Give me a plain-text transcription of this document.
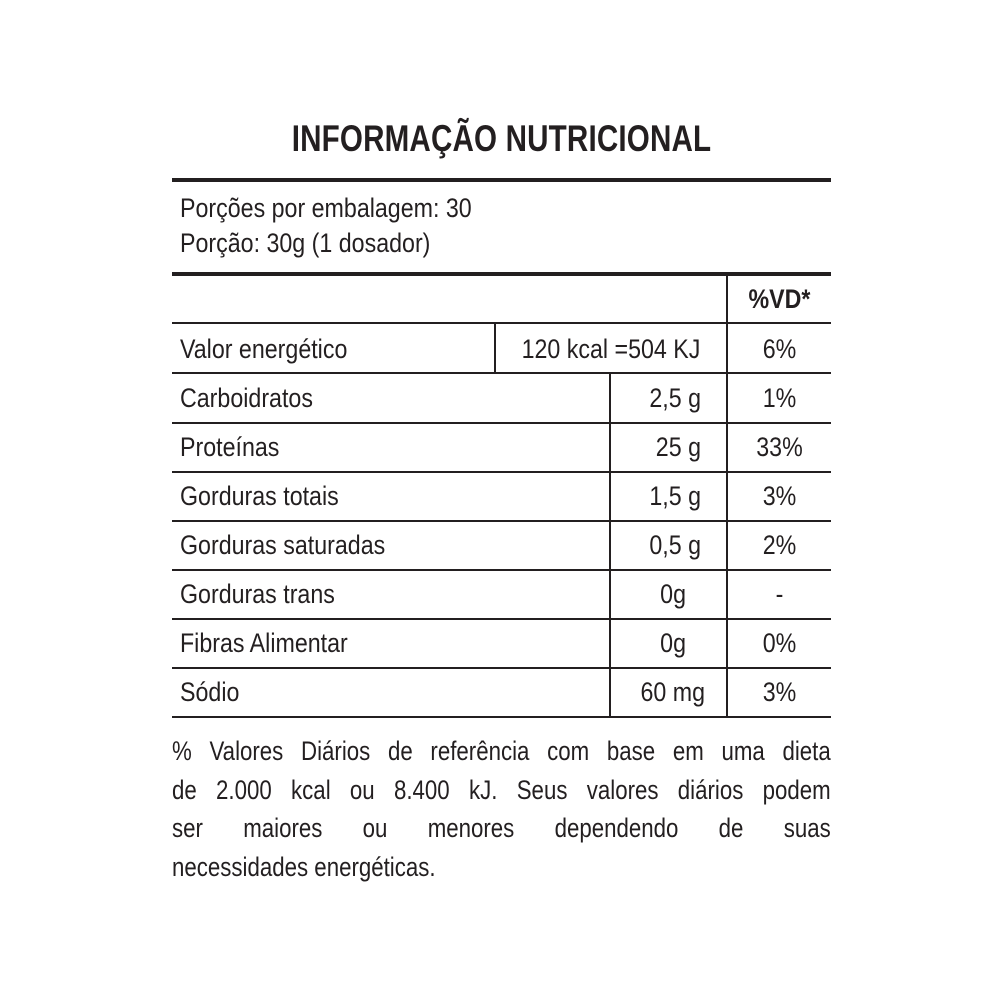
INFORMAÇÃO NUTRICIONAL
Porções por embalagem: 30
Porção: 30g (1 dosador)
%VD*
Valor energético	120 kcal =504 KJ	6%
Carboidratos	2,5 g	1%
Proteínas	25 g	33%
Gorduras totais	1,5 g	3%
Gorduras saturadas	0,5 g	2%
Gorduras trans	0g	-
Fibras Alimentar	0g	0%
Sódio	60 mg	3%
% Valores Diários de referência com base em uma dieta
de 2.000 kcal ou 8.400 kJ. Seus valores diários podem
ser maiores ou menores dependendo de suas
necessidades energéticas.
